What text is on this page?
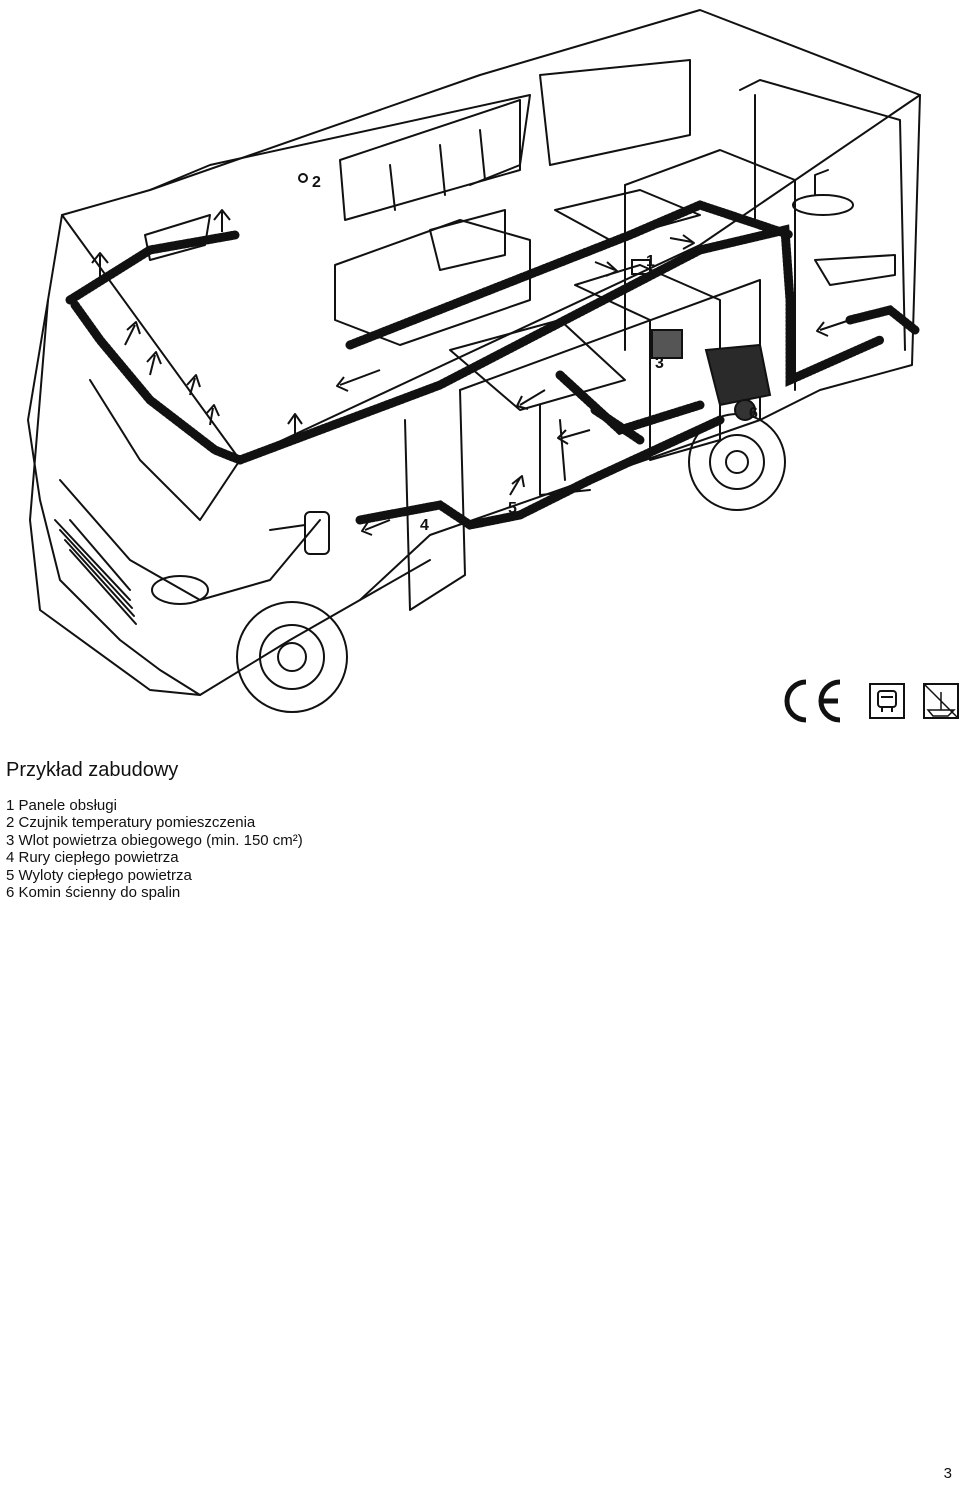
1
2
3
4
5
6
Przykład zabudowy
1 Panele obsługi
2 Czujnik temperatury pomieszczenia
3 Wlot powietrza obiegowego (min. 150 cm²)
4 Rury ciepłego powietrza
5 Wyloty ciepłego powietrza
6 Komin ścienny do spalin
3
